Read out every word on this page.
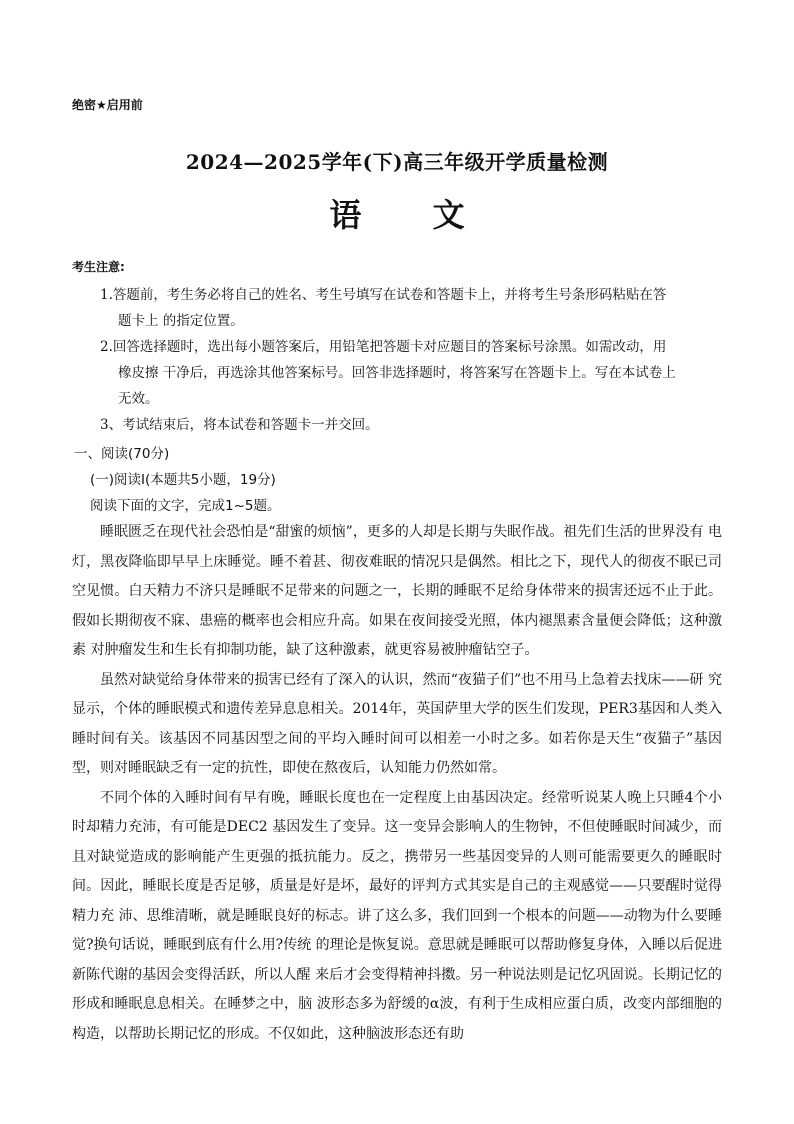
绝密★启用前
2024—2025学年(下)高三年级开学质量检测
语 文
考生注意:
1.答题前，考生务必将自己的姓名、考生号填写在试卷和答题卡上，并将考生号条形码粘贴在答
题卡上 的指定位置。
2.回答选择题时，选出每小题答案后，用铅笔把答题卡对应题目的答案标号涂黑。如需改动，用
橡皮擦 干净后，再选涂其他答案标号。回答非选择题时，将答案写在答题卡上。写在本试卷上
无效。
3、考试结束后，将本试卷和答题卡一并交回。
一、阅读(70分)
(一)阅读Ⅰ(本题共5小题，19分)
阅读下面的文字，完成1~5题。

睡眠匮乏在现代社会恐怕是“甜蜜的烦恼”，更多的人却是长期与失眠作战。祖先们生活的世界没有 电灯，黑夜降临即早早上床睡觉。睡不着甚、彻夜难眠的情况只是偶然。相比之下，现代人的彻夜不眠已司 空见惯。白天精力不济只是睡眠不足带来的问题之一，长期的睡眠不足给身体带来的损害还远不止于此。假如长期彻夜不寐、患癌的概率也会相应升高。如果在夜间接受光照，体内褪黑素含量便会降低；这种激素 对肿瘤发生和生长有抑制功能，缺了这种激素，就更容易被肿瘤钻空子。

虽然对缺觉给身体带来的损害已经有了深入的认识，然而“夜猫子们”也不用马上急着去找床——研 究显示，个体的睡眠模式和遗传差异息息相关。2014年，英国萨里大学的医生们发现，PER3基因和人类入 睡时间有关。该基因不同基因型之间的平均入睡时间可以相差一小时之多。如若你是天生“夜猫子”基因型，则对睡眠缺乏有一定的抗性，即使在熬夜后，认知能力仍然如常。

不同个体的入睡时间有早有晚，睡眠长度也在一定程度上由基因决定。经常听说某人晚上只睡4个小 时却精力充沛，有可能是DEC2 基因发生了变异。这一变异会影响人的生物钟，不但使睡眠时间减少，而且对缺觉造成的影响能产生更强的抵抗能力。反之，携带另一些基因变异的人则可能需要更久的睡眠时间。因此，睡眠长度是否足够，质量是好是坏，最好的评判方式其实是自己的主观感觉——只要醒时觉得精力充 沛、思维清晰，就是睡眠良好的标志。讲了这么多，我们回到一个根本的问题——动物为什么要睡觉?换句话说，睡眠到底有什么用?传统 的理论是恢复说。意思就是睡眠可以帮助修复身体，入睡以后促进新陈代谢的基因会变得活跃，所以人醒 来后才会变得精神抖擞。另一种说法则是记忆巩固说。长期记忆的形成和睡眠息息相关。在睡梦之中，脑 波形态多为舒缓的α波，有利于生成相应蛋白质，改变内部细胞的构造，以帮助长期记忆的形成。不仅如此，这种脑波形态还有助
